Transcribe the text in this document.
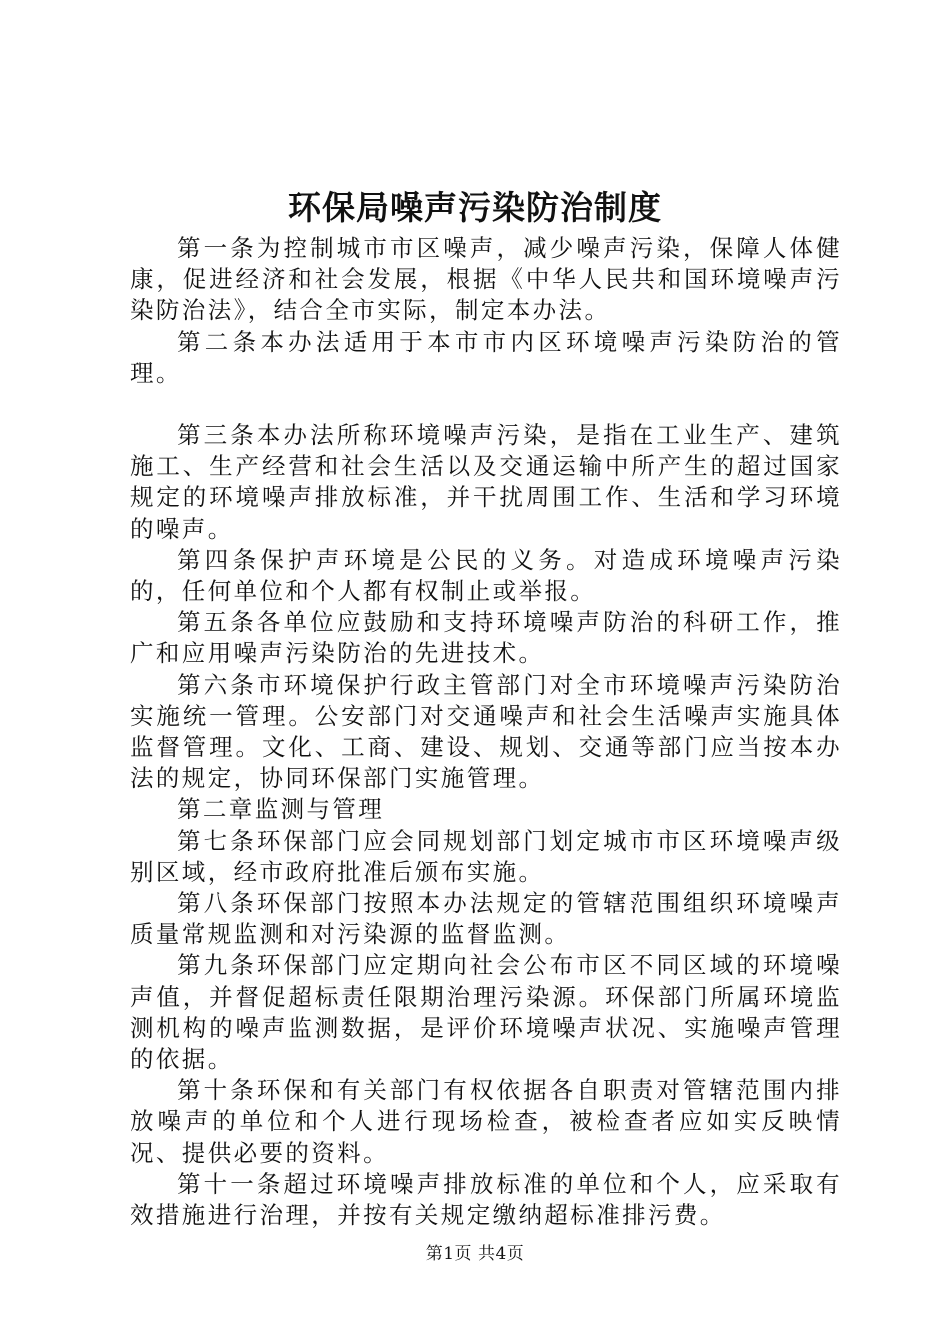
环保局噪声污染防治制度

第一条为控制城市市区噪声，减少噪声污染，保障人体健康，促进经济和社会发展，根据《中华人民共和国环境噪声污染防治法》，结合全市实际，制定本办法。

第二条本办法适用于本市市内区环境噪声污染防治的管理。

第三条本办法所称环境噪声污染，是指在工业生产、建筑施工、生产经营和社会生活以及交通运输中所产生的超过国家规定的环境噪声排放标准，并干扰周围工作、生活和学习环境的噪声。

第四条保护声环境是公民的义务。对造成环境噪声污染的，任何单位和个人都有权制止或举报。

第五条各单位应鼓励和支持环境噪声防治的科研工作，推广和应用噪声污染防治的先进技术。

第六条市环境保护行政主管部门对全市环境噪声污染防治实施统一管理。公安部门对交通噪声和社会生活噪声实施具体监督管理。文化、工商、建设、规划、交通等部门应当按本办法的规定，协同环保部门实施管理。

第二章监测与管理

第七条环保部门应会同规划部门划定城市市区环境噪声级别区域，经市政府批准后颁布实施。

第八条环保部门按照本办法规定的管辖范围组织环境噪声质量常规监测和对污染源的监督监测。

第九条环保部门应定期向社会公布市区不同区域的环境噪声值，并督促超标责任限期治理污染源。环保部门所属环境监测机构的噪声监测数据，是评价环境噪声状况、实施噪声管理的依据。

第十条环保和有关部门有权依据各自职责对管辖范围内排放噪声的单位和个人进行现场检查，被检查者应如实反映情况、提供必要的资料。

第十一条超过环境噪声排放标准的单位和个人，应采取有效措施进行治理，并按有关规定缴纳超标准排污费。

第1页 共4页
